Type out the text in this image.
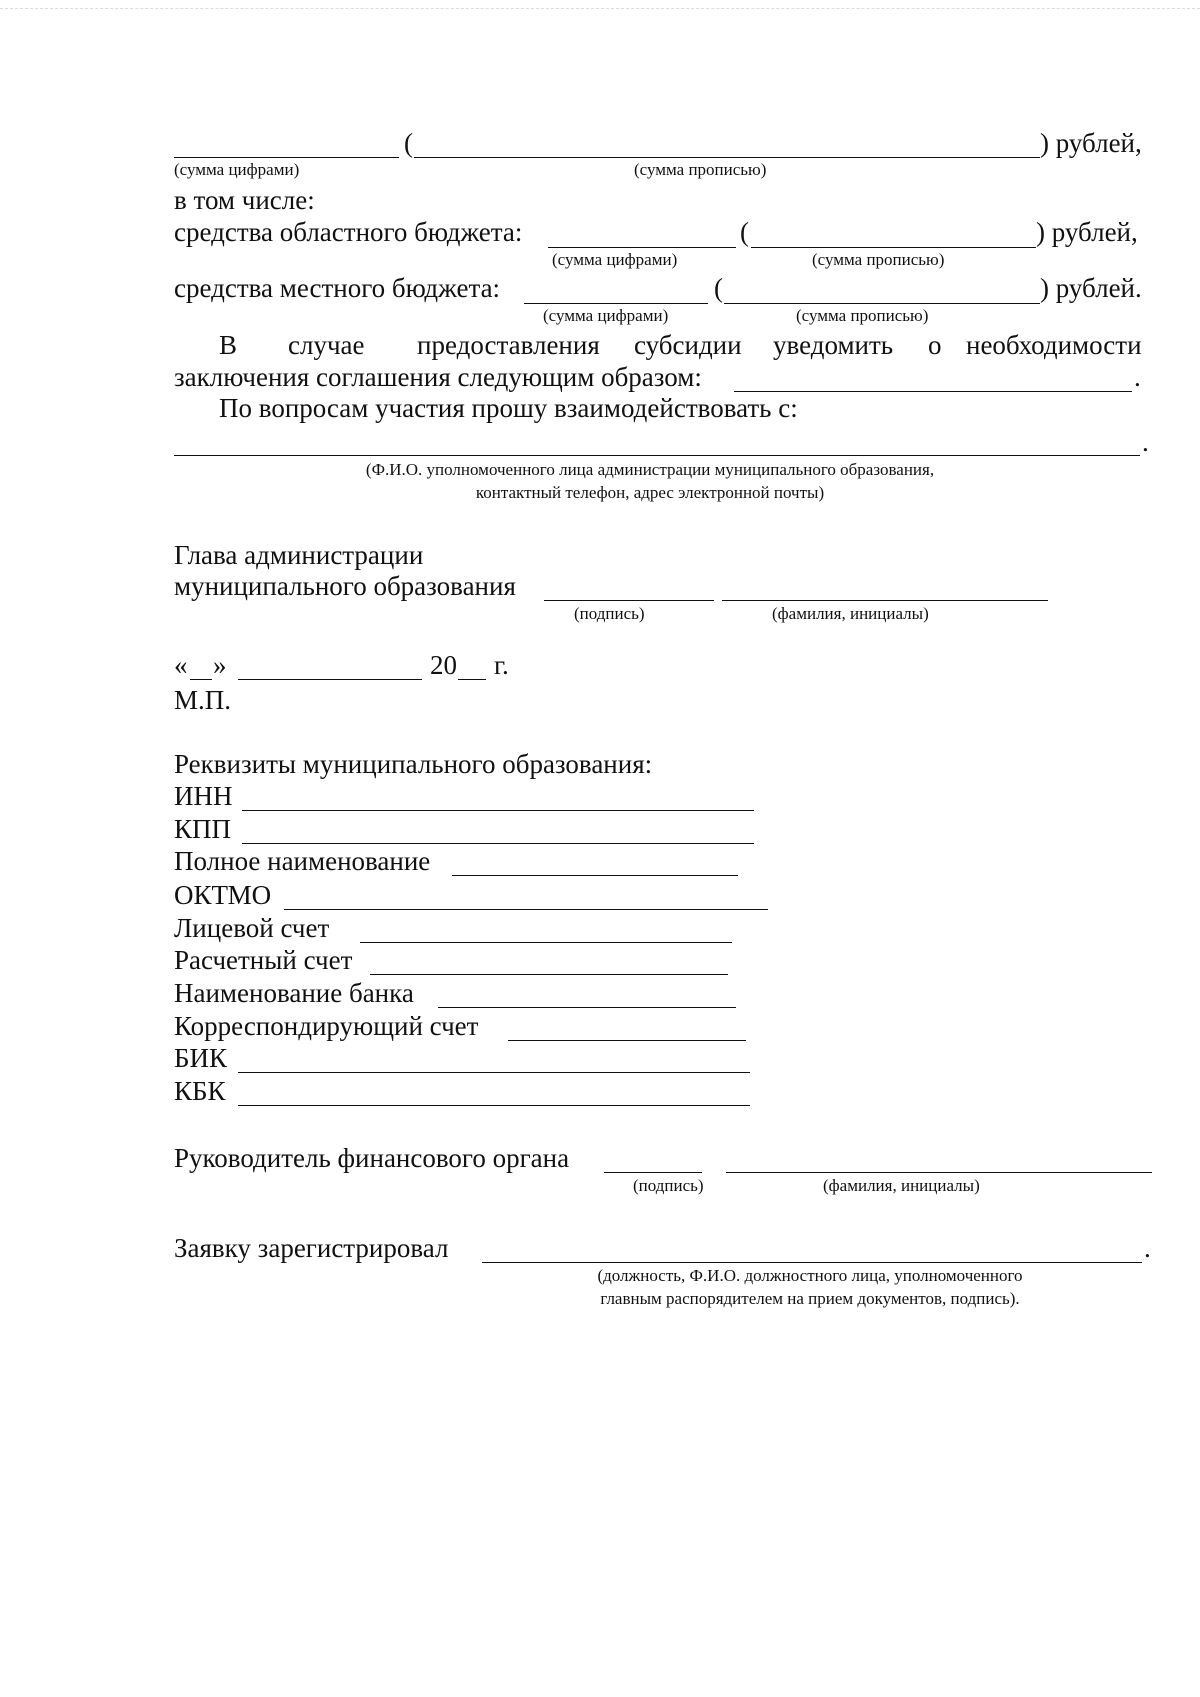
(	) рублей,
(сумма цифрами)	(сумма прописью)
в том числе:
средства областного бюджета:	(	) рублей,
(сумма цифрами)	(сумма прописью)
средства местного бюджета:	(	) рублей.
(сумма цифрами)	(сумма прописью)
В случае предоставления субсидии уведомить о необходимости
заключения соглашения следующим образом:	.
По вопросам участия прошу взаимодействовать с:
.
(Ф.И.О. уполномоченного лица администрации муниципального образования,
контактный телефон, адрес электронной почты)
Глава администрации
муниципального образования
(подпись)	(фамилия, инициалы)
« »	20 г.
М.П.
Реквизиты муниципального образования:
ИНН
КПП
Полное наименование
ОКТМО
Лицевой счет
Расчетный счет
Наименование банка
Корреспондирующий счет
БИК
КБК
Руководитель финансового органа
(подпись)	(фамилия, инициалы)
Заявку зарегистрировал	.
(должность, Ф.И.О. должностного лица, уполномоченного
главным распорядителем на прием документов, подпись).
